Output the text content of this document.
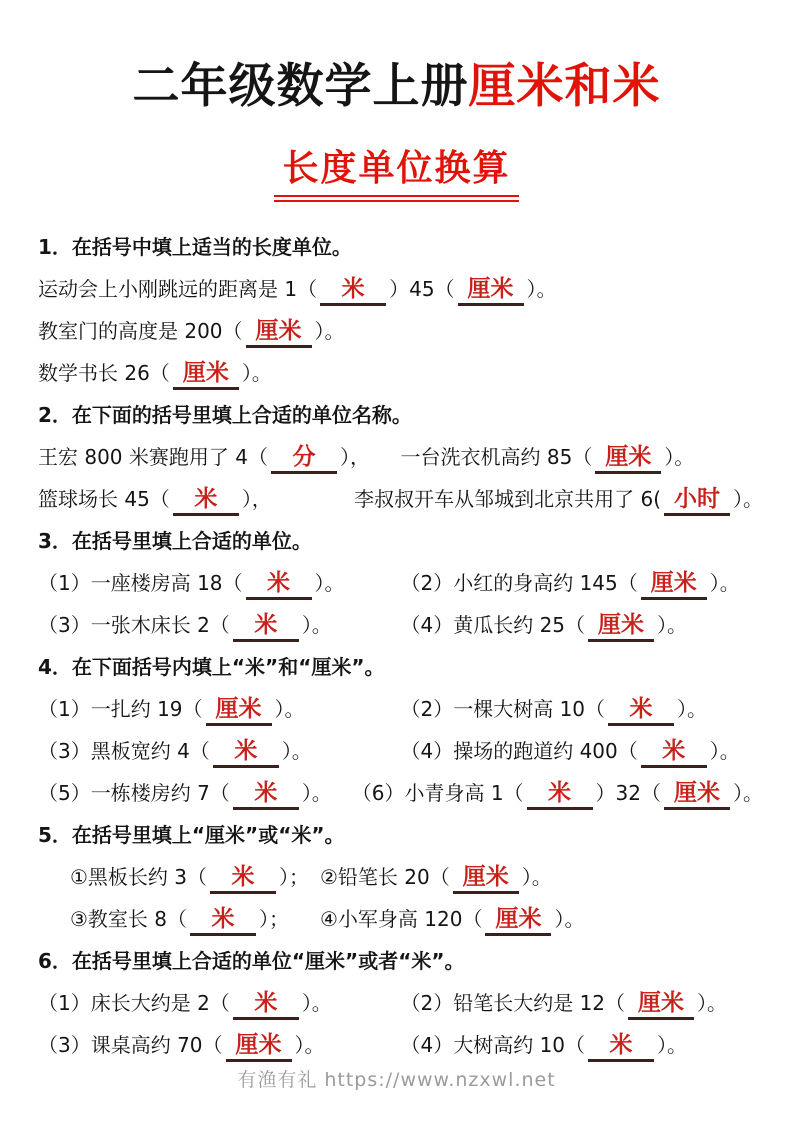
二年级数学上册厘米和米
长度单位换算
1．在括号中填上适当的长度单位。
运动会上小刚跳远的距离是 1（	米	）45（ 厘米 ）。
教室门的高度是 200（ 厘米 ）。
数学书长 26（ 厘米 ）。
2．在下面的括号里填上合适的单位名称。
王宏 800 米赛跑用了 4（	分	）， 一台洗衣机高约 85（ 厘米 ）。
篮球场长 45（	米	），	李叔叔开车从邹城到北京共用了 6( 小时 ）。
3．在括号里填上合适的单位。
（1）一座楼房高 18（	米	）。	（2）小红的身高约 145（ 厘米 ）。
（3）一张木床长 2（	米	）。	（4）黄瓜长约 25（ 厘米 ）。
4．在下面括号内填上“米”和“厘米”。
（1）一扎约 19（ 厘米 ）。	（2）一棵大树高 10（	米	）。
（3）黑板宽约 4（	米	）。	（4）操场的跑道约 400（	米	）。
（5）一栋楼房约 7（	米	）。 （6）小青身高 1（	米	）32（ 厘米 ）。
5．在括号里填上“厘米”或“米”。
①黑板长约 3（	米	）； ②铅笔长 20（ 厘米 ）。
③教室长 8（	米	）； ④小军身高 120（ 厘米 ）。
6．在括号里填上合适的单位“厘米”或者“米”。
（1）床长大约是 2（	米	）。	（2）铅笔长大约是 12（ 厘米 ）。
（3）课桌高约 70（ 厘米 ）。	（4）大树高约 10（	米	）。
有渔有礼 https://www.nzxwl.net
